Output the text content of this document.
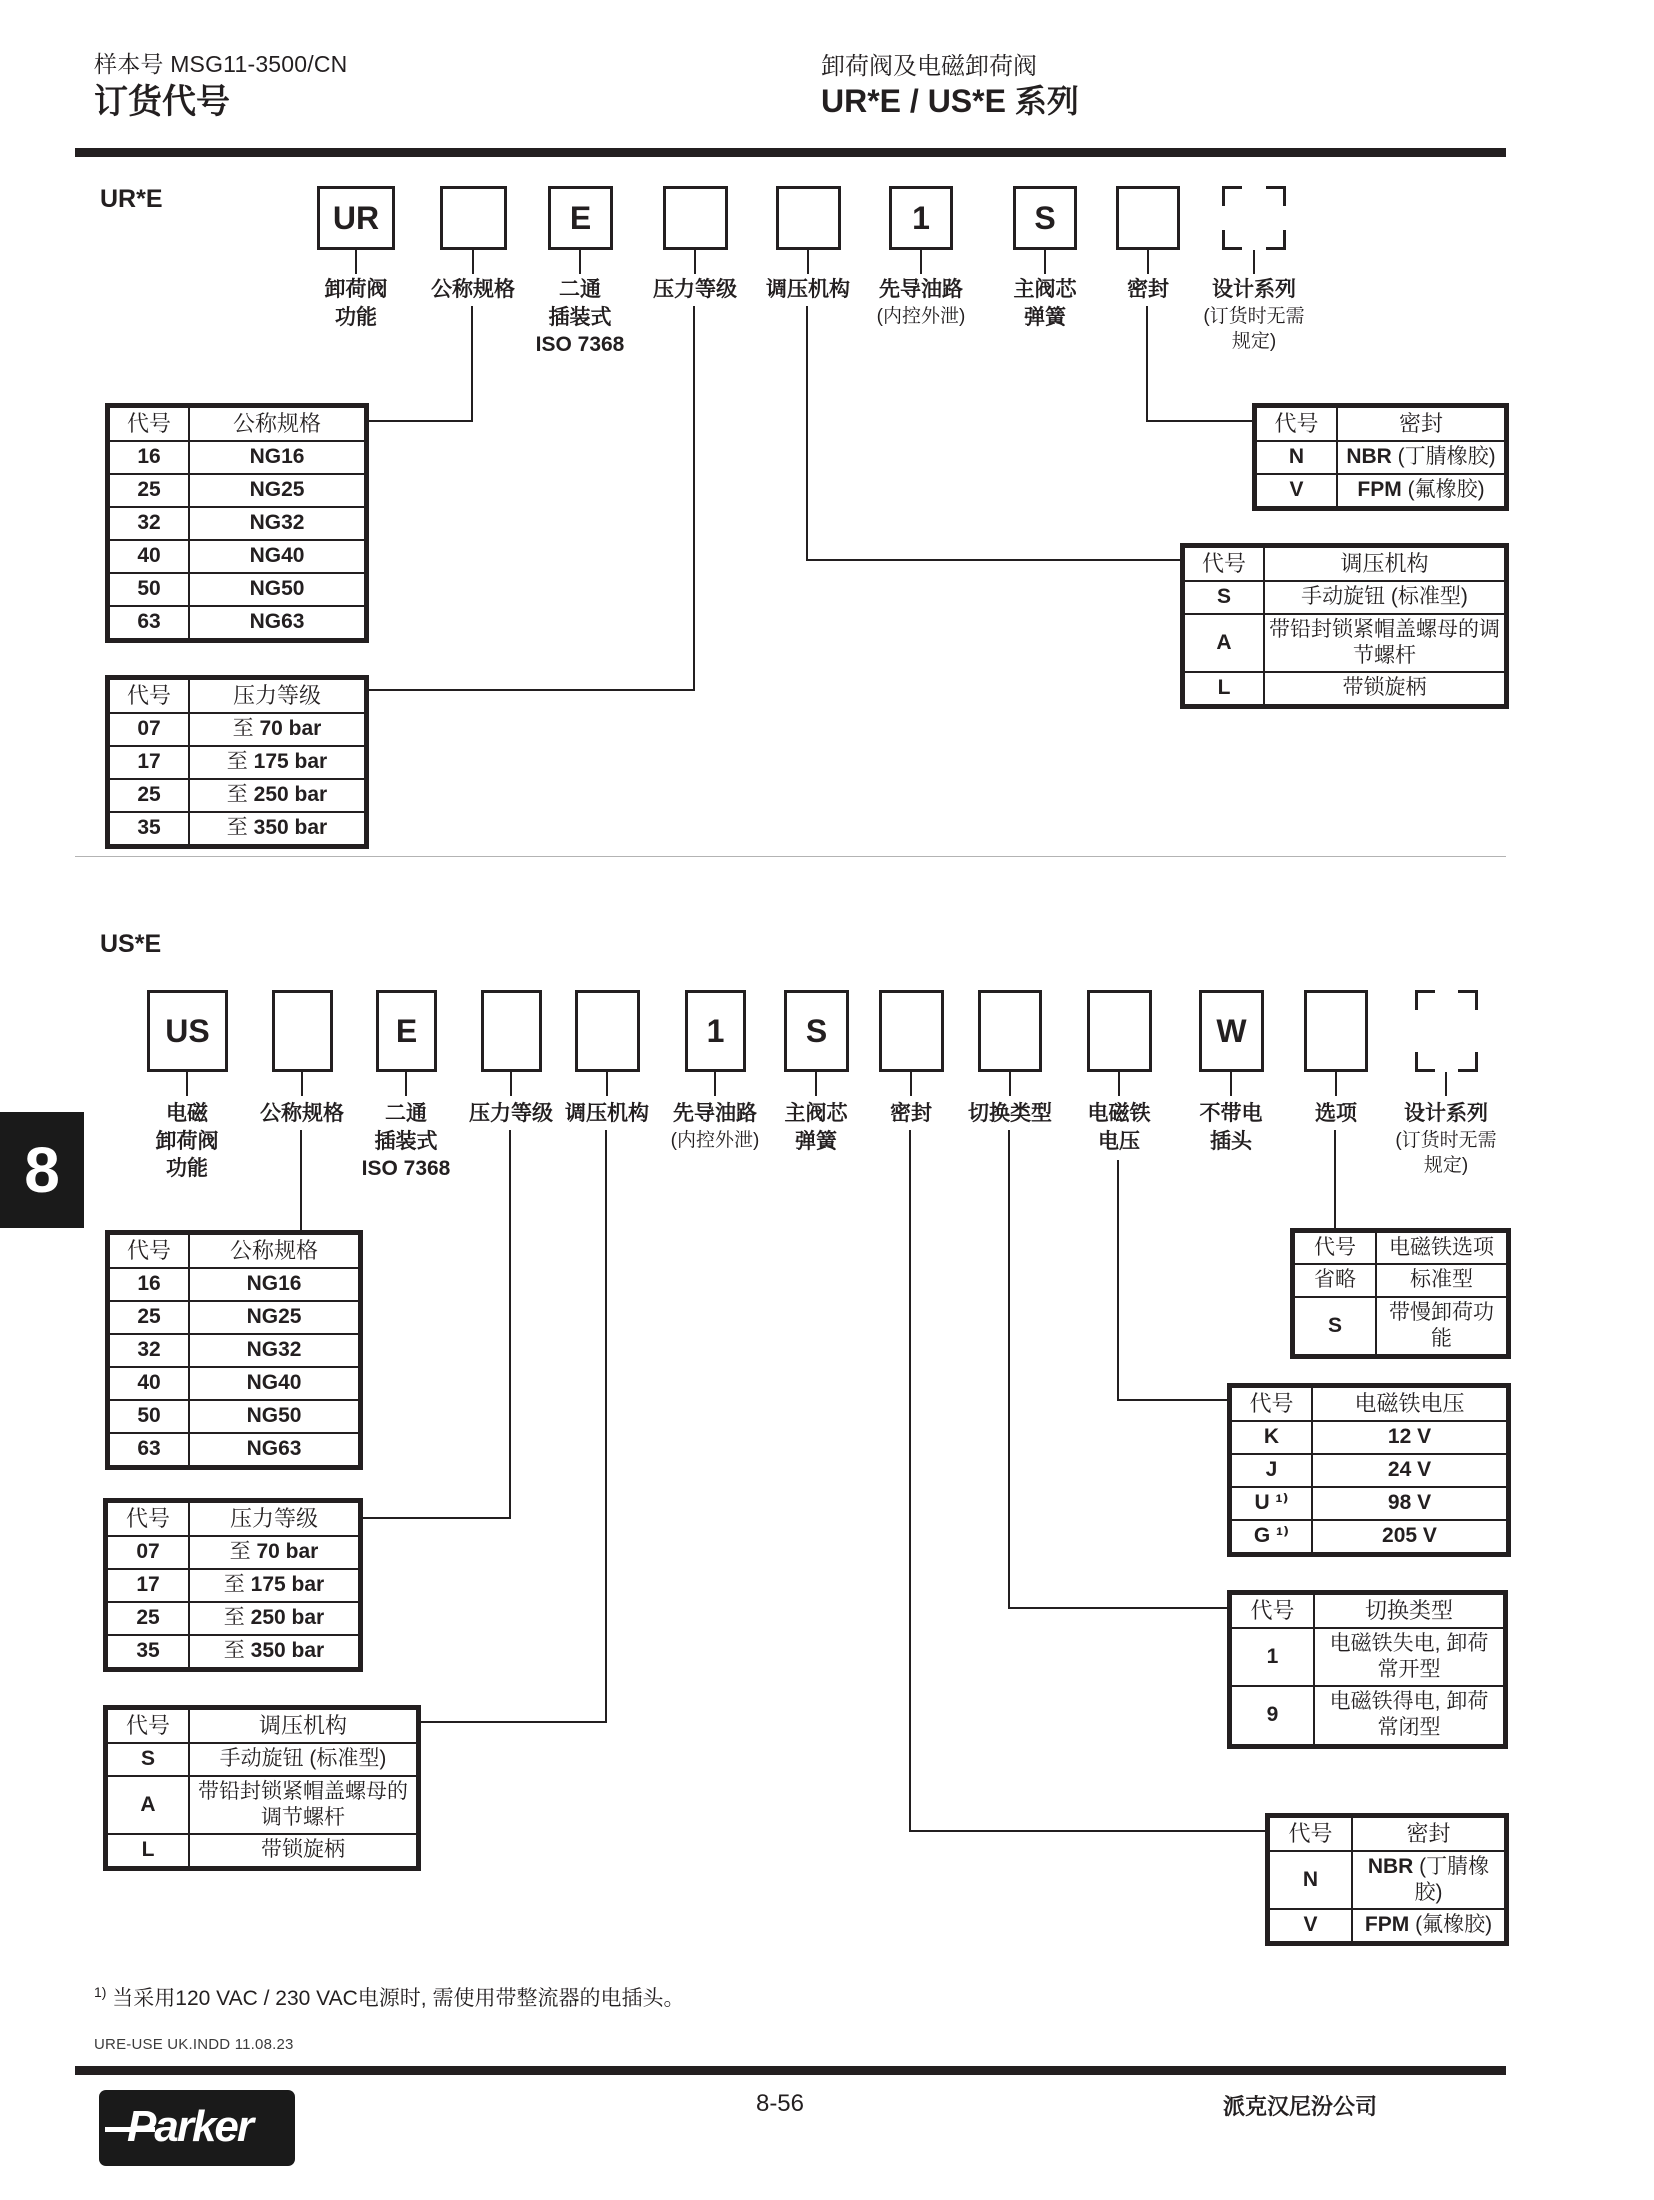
样本号 MSG11-3500/CN
订货代号
卸荷阀及电磁卸荷阀
UR*E / US*E 系列
UR*E
UR	E	1	S
卸荷阀
功能
公称规格	二通
插装式
ISO 7368
压力等级	调压机构	先导油路
(内控外泄)
主阀芯
弹簧
密封	设计系列
(订货时无需
规定)
代号	公称规格
16	NG16
25	NG25
32	NG32
40	NG40
50	NG50
63	NG63
代号	压力等级
07	至 70 bar
17	至 175 bar
25	至 250 bar
35	至 350 bar
代号	密封
N	NBR (丁腈橡胶)
V	FPM (氟橡胶)
代号	调压机构
S	手动旋钮 (标准型)
A	带铅封锁紧帽盖螺母的调节螺杆
L	带锁旋柄
US*E
US	E	1	S	W
电磁
卸荷阀
功能
公称规格	二通
插装式
ISO 7368
压力等级 调压机构	先导油路
(内控外泄)
主阀芯
弹簧
密封	切换类型	电磁铁
电压
不带电
插头
选项	设计系列
(订货时无需
规定)
代号	公称规格
16	NG16
25	NG25
32	NG32
40	NG40
50	NG50
63	NG63
代号	压力等级
07	至 70 bar
17	至 175 bar
25	至 250 bar
35	至 350 bar
代号	调压机构
S	手动旋钮 (标准型)
A	带铅封锁紧帽盖螺母的调节螺杆
L	带锁旋柄
代号	电磁铁选项
省略	标准型
S	带慢卸荷功能
代号	电磁铁电压
K	12 V
J	24 V
U ¹⁾	98 V
G ¹⁾	205 V
代号	切换类型
1	电磁铁失电, 卸荷 常开型
9	电磁铁得电, 卸荷 常闭型
代号	密封
N	NBR (丁腈橡胶)
V	FPM (氟橡胶)
8
$^{1)}$ 当采用120 VAC / 230 VAC电源时, 需使用带整流器的电插头。
URE-USE UK.INDD 11.08.23
Parker	8-56	派克汉尼汾公司
